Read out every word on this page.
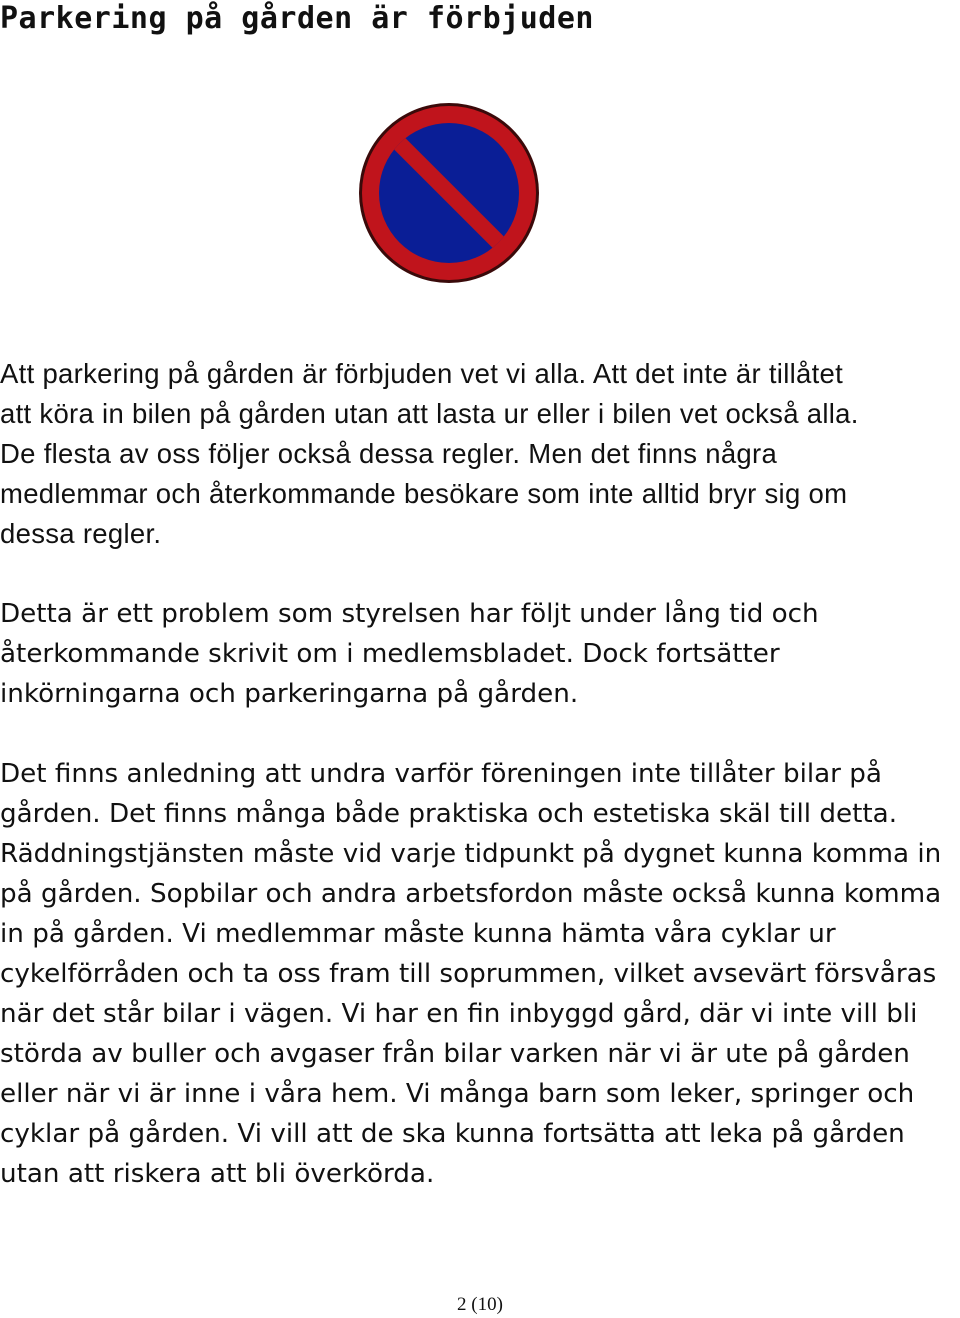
Parkering på gården är förbjuden
Att parkering på gården är förbjuden vet vi alla. Att det inte är tillåtet
att köra in bilen på gården utan att lasta ur eller i bilen vet också alla.
De flesta av oss följer också dessa regler. Men det finns några
medlemmar och återkommande besökare som inte alltid bryr sig om
dessa regler.
Detta är ett problem som styrelsen har följt under lång tid och
återkommande skrivit om i medlemsbladet. Dock fortsätter
inkörningarna och parkeringarna på gården.
Det finns anledning att undra varför föreningen inte tillåter bilar på
gården. Det finns många både praktiska och estetiska skäl till detta.
Räddningstjänsten måste vid varje tidpunkt på dygnet kunna komma in
på gården. Sopbilar och andra arbetsfordon måste också kunna komma
in på gården. Vi medlemmar måste kunna hämta våra cyklar ur
cykelförråden och ta oss fram till soprummen, vilket avsevärt försvåras
när det står bilar i vägen. Vi har en fin inbyggd gård, där vi inte vill bli
störda av buller och avgaser från bilar varken när vi är ute på gården
eller när vi är inne i våra hem. Vi många barn som leker, springer och
cyklar på gården. Vi vill att de ska kunna fortsätta att leka på gården
utan att riskera att bli överkörda.
2 (10)
